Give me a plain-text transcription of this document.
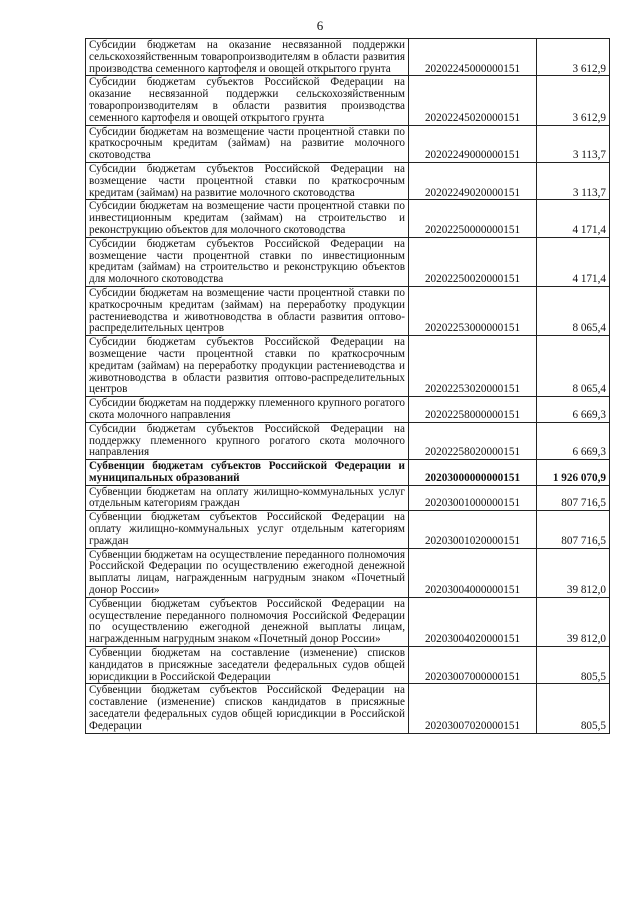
6
Субсидии бюджетам на оказание несвязанной поддержки сельскохозяйственным товаропроизводителям в области развития производства семенного картофеля и овощей открытого грунта	20202245000000151	3 612,9
Субсидии бюджетам субъектов Российской Федерации на оказание несвязанной поддержки сельскохозяйственным товаропроизводителям в области развития производства семенного картофеля и овощей открытого грунта	20202245020000151	3 612,9
Субсидии бюджетам на возмещение части процентной ставки по краткосрочным кредитам (займам) на развитие молочного скотоводства	20202249000000151	3 113,7
Субсидии бюджетам субъектов Российской Федерации на возмещение части процентной ставки по краткосрочным кредитам (займам) на развитие молочного скотоводства	20202249020000151	3 113,7
Субсидии бюджетам на возмещение части процентной ставки по инвестиционным кредитам (займам) на строительство и реконструкцию объектов для молочного скотоводства	20202250000000151	4 171,4
Субсидии бюджетам субъектов Российской Федерации на возмещение части процентной ставки по инвестиционным кредитам (займам) на строительство и реконструкцию объектов для молочного скотоводства	20202250020000151	4 171,4
Субсидии бюджетам на возмещение части процентной ставки по краткосрочным кредитам (займам) на переработку продукции растениеводства и животноводства в области развития оптово-распределительных центров	20202253000000151	8 065,4
Субсидии бюджетам субъектов Российской Федерации на возмещение части процентной ставки по краткосрочным кредитам (займам) на переработку продукции растениеводства и животноводства в области развития оптово-распределительных центров	20202253020000151	8 065,4
Субсидии бюджетам на поддержку племенного крупного рогатого скота молочного направления	20202258000000151	6 669,3
Субсидии бюджетам субъектов Российской Федерации на поддержку племенного крупного рогатого скота молочного направления	20202258020000151	6 669,3
Субвенции бюджетам субъектов Российской Федерации и муниципальных образований	20203000000000151	1 926 070,9
Субвенции бюджетам на оплату жилищно-коммунальных услуг отдельным категориям граждан	20203001000000151	807 716,5
Субвенции бюджетам субъектов Российской Федерации на оплату жилищно-коммунальных услуг отдельным категориям граждан	20203001020000151	807 716,5
Субвенции бюджетам на осуществление переданного полномочия Российской Федерации по осуществлению ежегодной денежной выплаты лицам, награжденным нагрудным знаком «Почетный донор России»	20203004000000151	39 812,0
Субвенции бюджетам субъектов Российской Федерации на осуществление переданного полномочия Российской Федерации по осуществлению ежегодной денежной выплаты лицам, награжденным нагрудным знаком «Почетный донор России»	20203004020000151	39 812,0
Субвенции бюджетам на составление (изменение) списков кандидатов в присяжные заседатели федеральных судов общей юрисдикции в Российской Федерации	20203007000000151	805,5
Субвенции бюджетам субъектов Российской Федерации на составление (изменение) списков кандидатов в присяжные заседатели федеральных судов общей юрисдикции в Российской Федерации	20203007020000151	805,5
